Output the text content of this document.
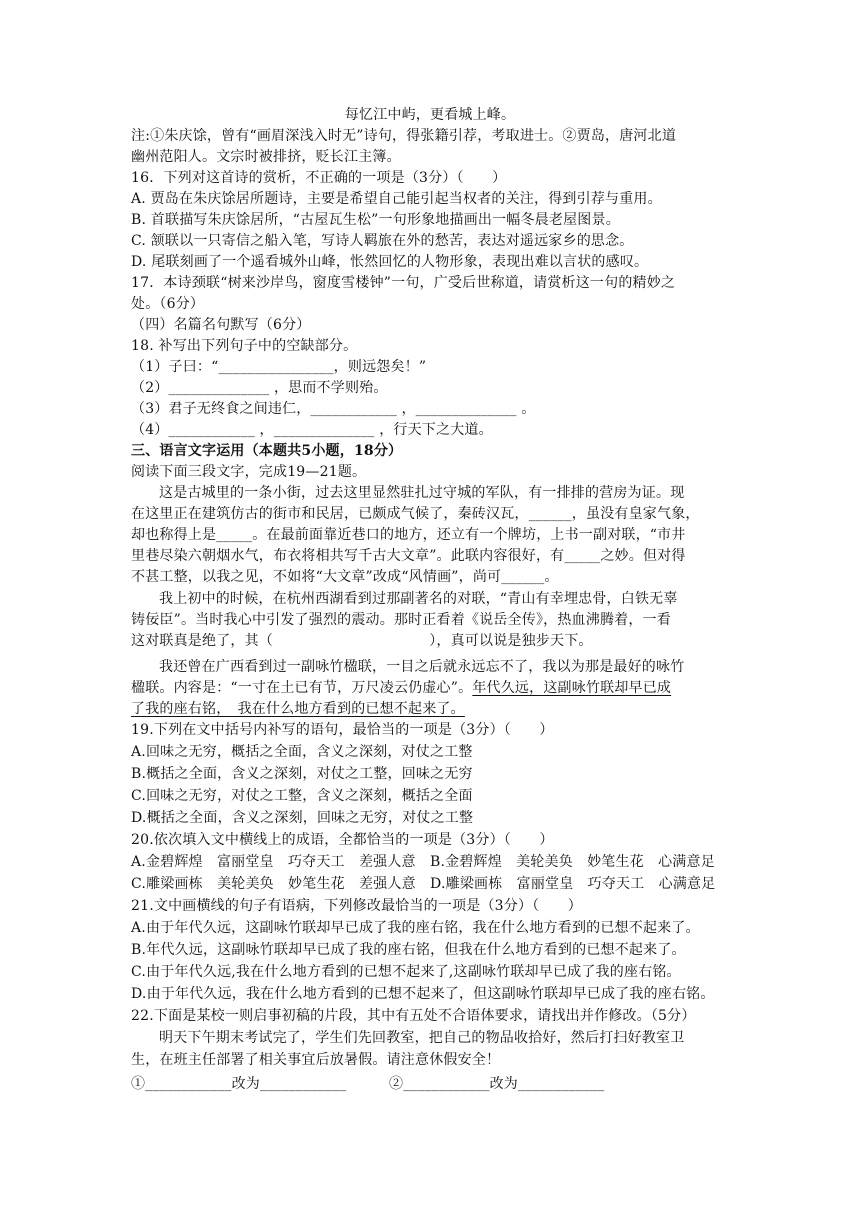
每忆江中屿，更看城上峰。
注:①朱庆馀，曾有“画眉深浅入时无”诗句，得张籍引荐，考取进士。②贾岛，唐河北道
幽州范阳人。文宗时被排挤，贬长江主簿。
16．下列对这首诗的赏析，不正确的一项是（3分）（　　）
A. 贾岛在朱庆馀居所题诗，主要是希望自己能引起当权者的关注，得到引荐与重用。
B. 首联描写朱庆馀居所，“古屋瓦生松”一句形象地描画出一幅冬晨老屋图景。
C. 颔联以一只寄信之船入笔，写诗人羁旅在外的愁苦，表达对遥远家乡的思念。
D. 尾联刻画了一个遥看城外山峰，怅然回忆的人物形象，表现出难以言状的感叹。
17．本诗颈联“树来沙岸鸟，窗度雪楼钟”一句，广受后世称道，请赏析这一句的精妙之
处。（6分）
（四）名篇名句默写（6分）
18. 补写出下列句子中的空缺部分。
（1）子曰：“________________，则远怨矣！”
（2）______________ ，思而不学则殆。
（3）君子无终食之间违仁，____________ ，______________ 。
（4）____________ ，______________ ，行天下之大道。
三、语言文字运用（本题共5小题，18分）
阅读下面三段文字，完成19—21题。
这是古城里的一条小街，过去这里显然驻扎过守城的军队，有一排排的营房为证。现
在这里正在建筑仿古的街市和民居，已颇成气候了，秦砖汉瓦，______，虽没有皇家气象，
却也称得上是_____。在最前面靠近巷口的地方，还立有一个牌坊，上书一副对联，“市井
里巷尽染六朝烟水气，布衣将相共写千古大文章”。此联内容很好，有_____之妙。但对得
不甚工整，以我之见，不如将“大文章”改成“风情画”，尚可______。
我上初中的时候，在杭州西湖看到过那副著名的对联，“青山有幸埋忠骨，白铁无辜
铸佞臣”。当时我心中引发了强烈的震动。那时正看着《说岳全传》，热血沸腾着，一看
这对联真是绝了，其（　　　　　　　　　　　），真可以说是独步天下。
我还曾在广西看到过一副咏竹楹联，一目之后就永远忘不了，我以为那是最好的咏竹
楹联。内容是：“一寸在土已有节，万尺凌云仍虚心”。年代久远，这副咏竹联却早已成
了我的座右铭，　我在什么地方看到的已想不起来了。
19.下列在文中括号内补写的语句，最恰当的一项是（3分）（　　）
A.回味之无穷，概括之全面，含义之深刻，对仗之工整
B.概括之全面，含义之深刻，对仗之工整，回味之无穷
C.回味之无穷，对仗之工整，含义之深刻，概括之全面
D.概括之全面，含义之深刻，回味之无穷，对仗之工整
20.依次填入文中横线上的成语，全都恰当的一项是（3分）（　　）
A.金碧辉煌　富丽堂皇　巧夺天工　差强人意　B.金碧辉煌　美轮美奂　妙笔生花　心满意足
C.雕梁画栋　美轮美奂　妙笔生花　差强人意　D.雕梁画栋　富丽堂皇　巧夺天工　心满意足
21.文中画横线的句子有语病，下列修改最恰当的一项是（3分）（　　）
A.由于年代久远，这副咏竹联却早已成了我的座右铭，我在什么地方看到的已想不起来了。
B.年代久远，这副咏竹联却早已成了我的座右铭，但我在什么地方看到的已想不起来了。
C.由于年代久远,我在什么地方看到的已想不起来了,这副咏竹联却早已成了我的座右铭。
D.由于年代久远，我在什么地方看到的已想不起来了，但这副咏竹联却早已成了我的座右铭。
22.下面是某校一则启事初稿的片段，其中有五处不合语体要求，请找出并作修改。（5分）
明天下午期末考试完了，学生们先回教室，把自己的物品收拾好，然后打扫好教室卫
生，在班主任部署了相关事宜后放暑假。请注意休假安全！
①____________改为____________　　　②____________改为____________
